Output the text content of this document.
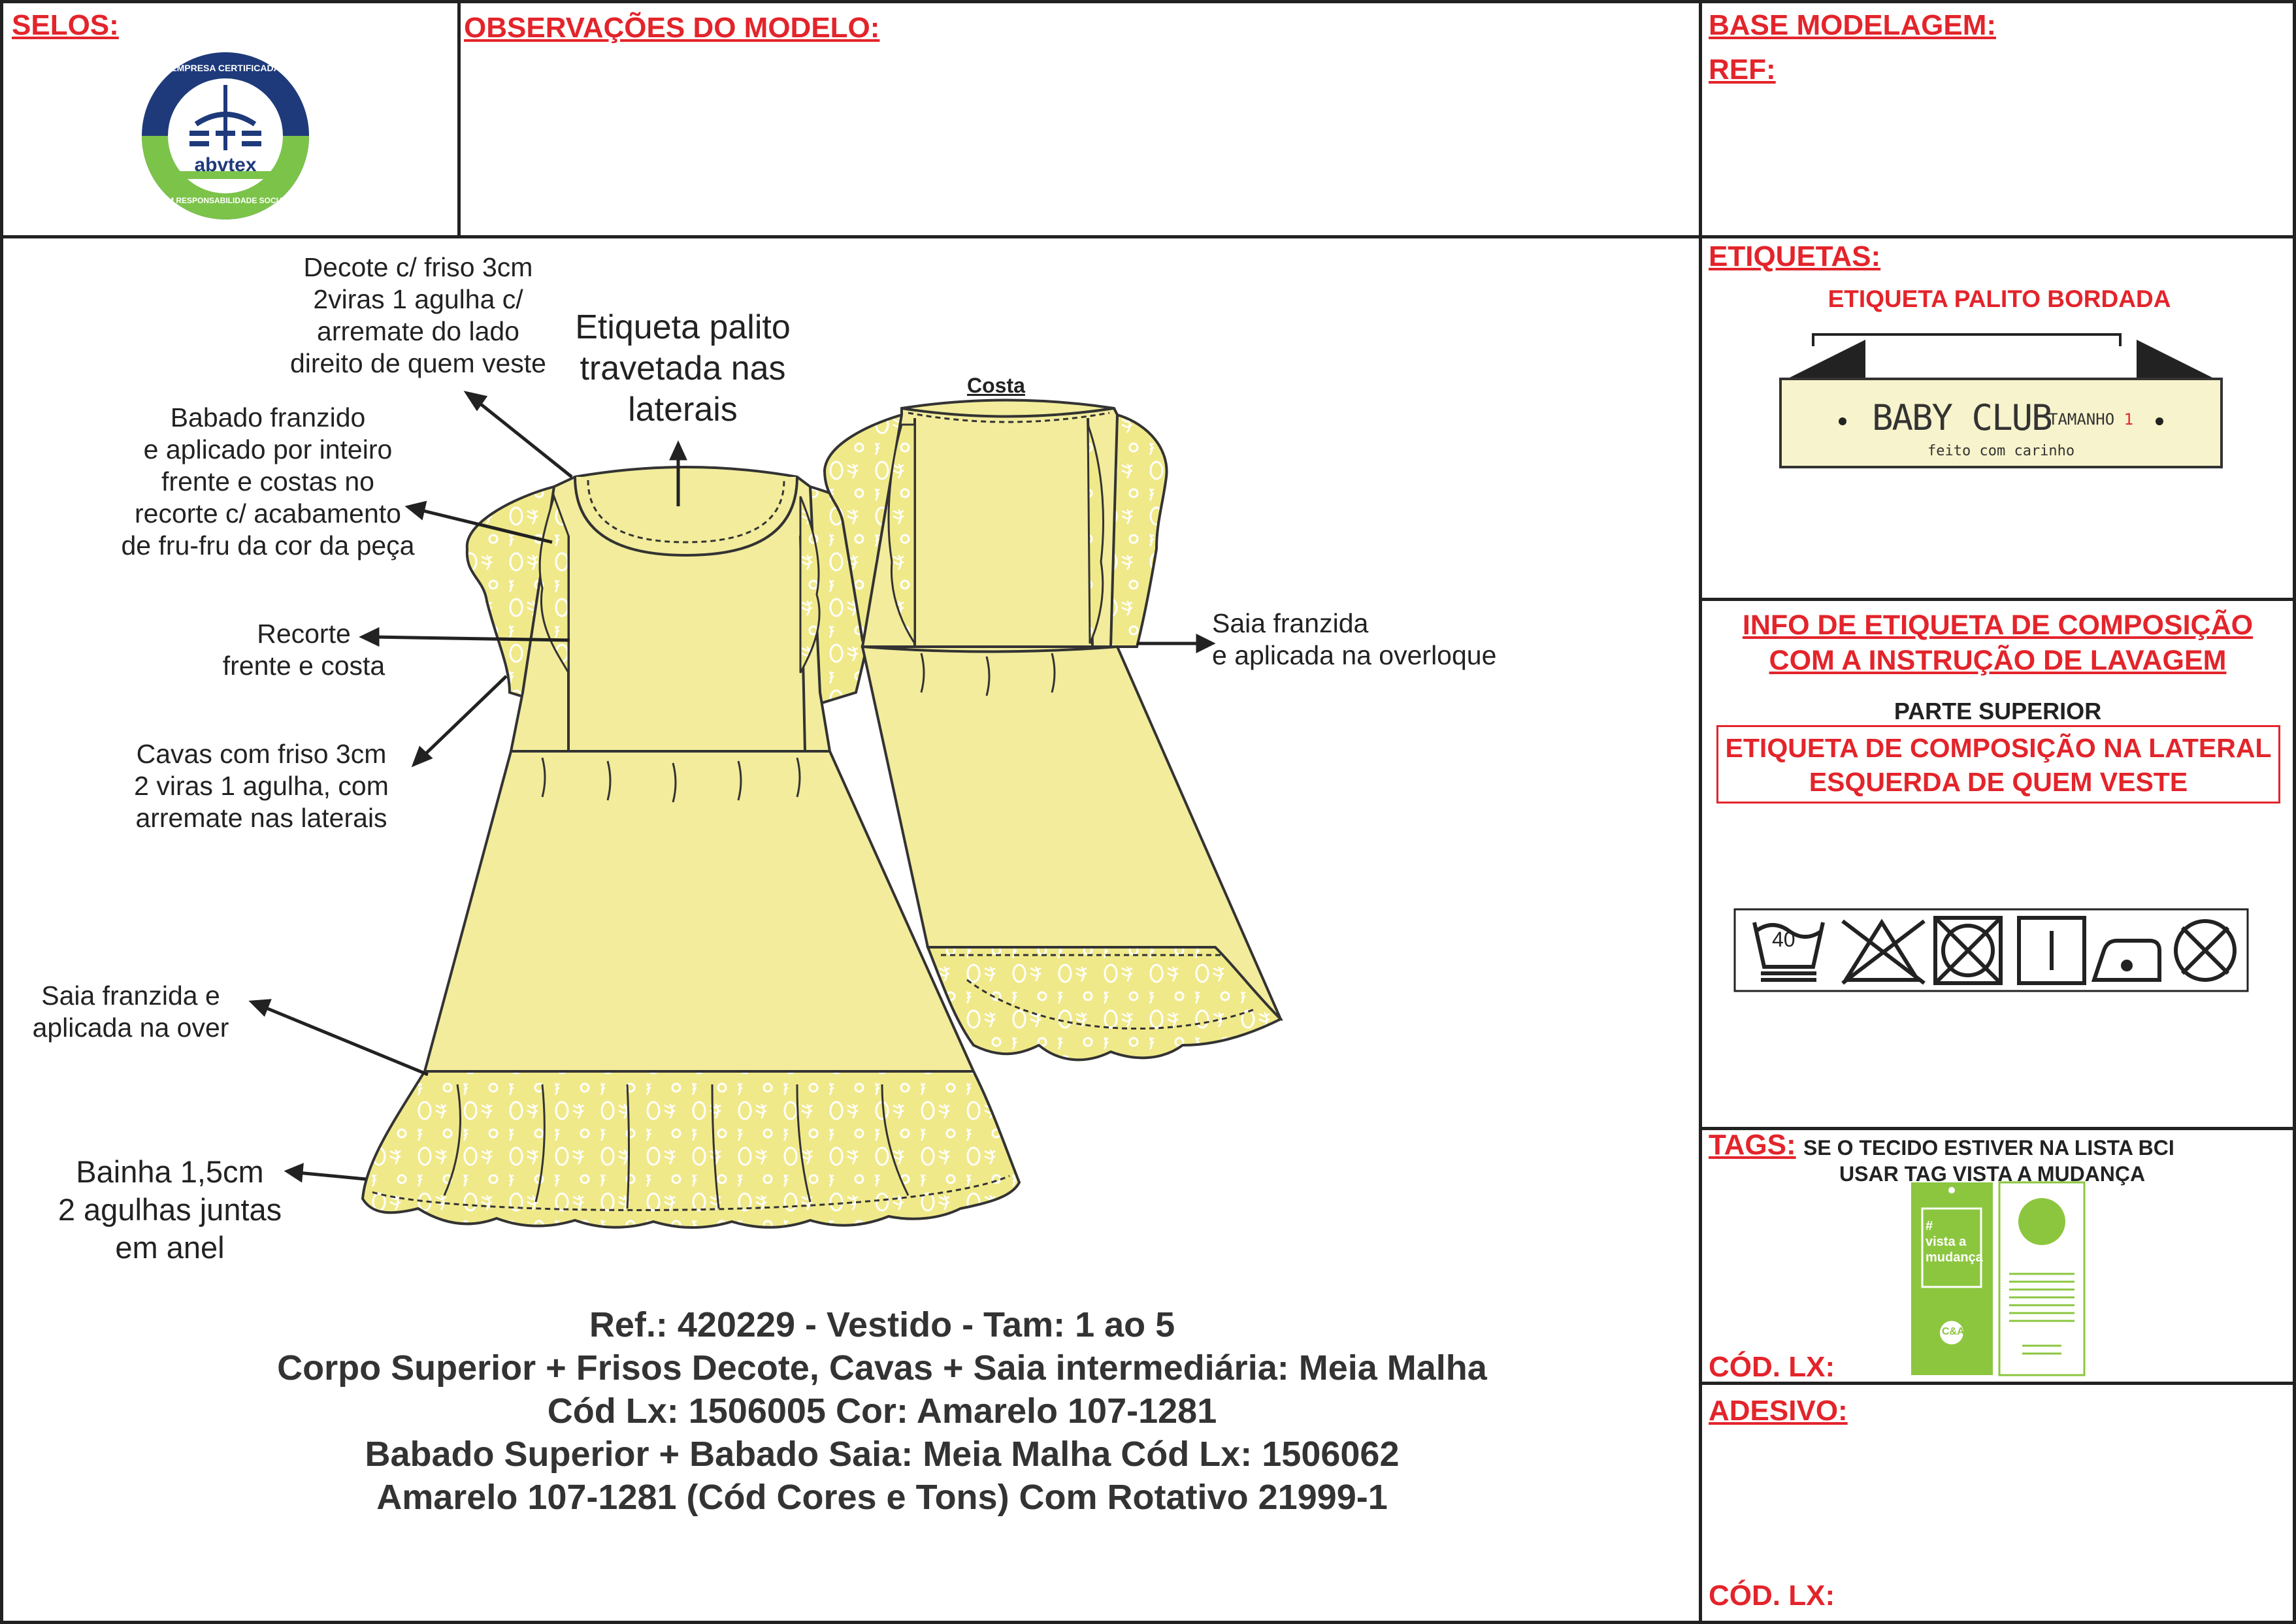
SELOS:	OBSERVAÇÕES DO MODELO:	BASE MODELAGEM:
REF:
EMPRESA CERTIFICADA
abvtex
EM RESPONSABILIDADE SOCIAL
Decote c/ friso 3cm
2viras 1 agulha c/
arremate do lado
direito de quem veste
Etiqueta palito
travetada nas
laterais
Costa
Babado franzido
e aplicado por inteiro
frente e costas no
recorte c/ acabamento
de fru-fru da cor da peça
Recorte
frente e costa
Cavas com friso 3cm
2 viras 1 agulha, com
arremate nas laterais
Saia franzida e
aplicada na over
Bainha 1,5cm
2 agulhas juntas
em anel
Saia franzida
e aplicada na overloque
Ref.: 420229 - Vestido - Tam: 1 ao 5
Corpo Superior + Frisos Decote, Cavas + Saia intermediária: Meia Malha
Cód Lx: 1506005 Cor: Amarelo 107-1281
Babado Superior + Babado Saia: Meia Malha Cód Lx: 1506062
Amarelo 107-1281 (Cód Cores e Tons) Com Rotativo 21999-1
ETIQUETAS:
ETIQUETA PALITO BORDADA
BABY CLUB
TAMANHO 1
feito com carinho
INFO DE ETIQUETA DE COMPOSIÇÃO
COM A INSTRUÇÃO DE LAVAGEM
PARTE SUPERIOR
ETIQUETA DE COMPOSIÇÃO NA LATERAL
ESQUERDA DE QUEM VESTE
40
TAGS: SE O TECIDO ESTIVER NA LISTA BCI
USAR TAG VISTA A MUDANÇA
#
vista a
mudança
C&A
CÓD. LX:
ADESIVO:
CÓD. LX:
